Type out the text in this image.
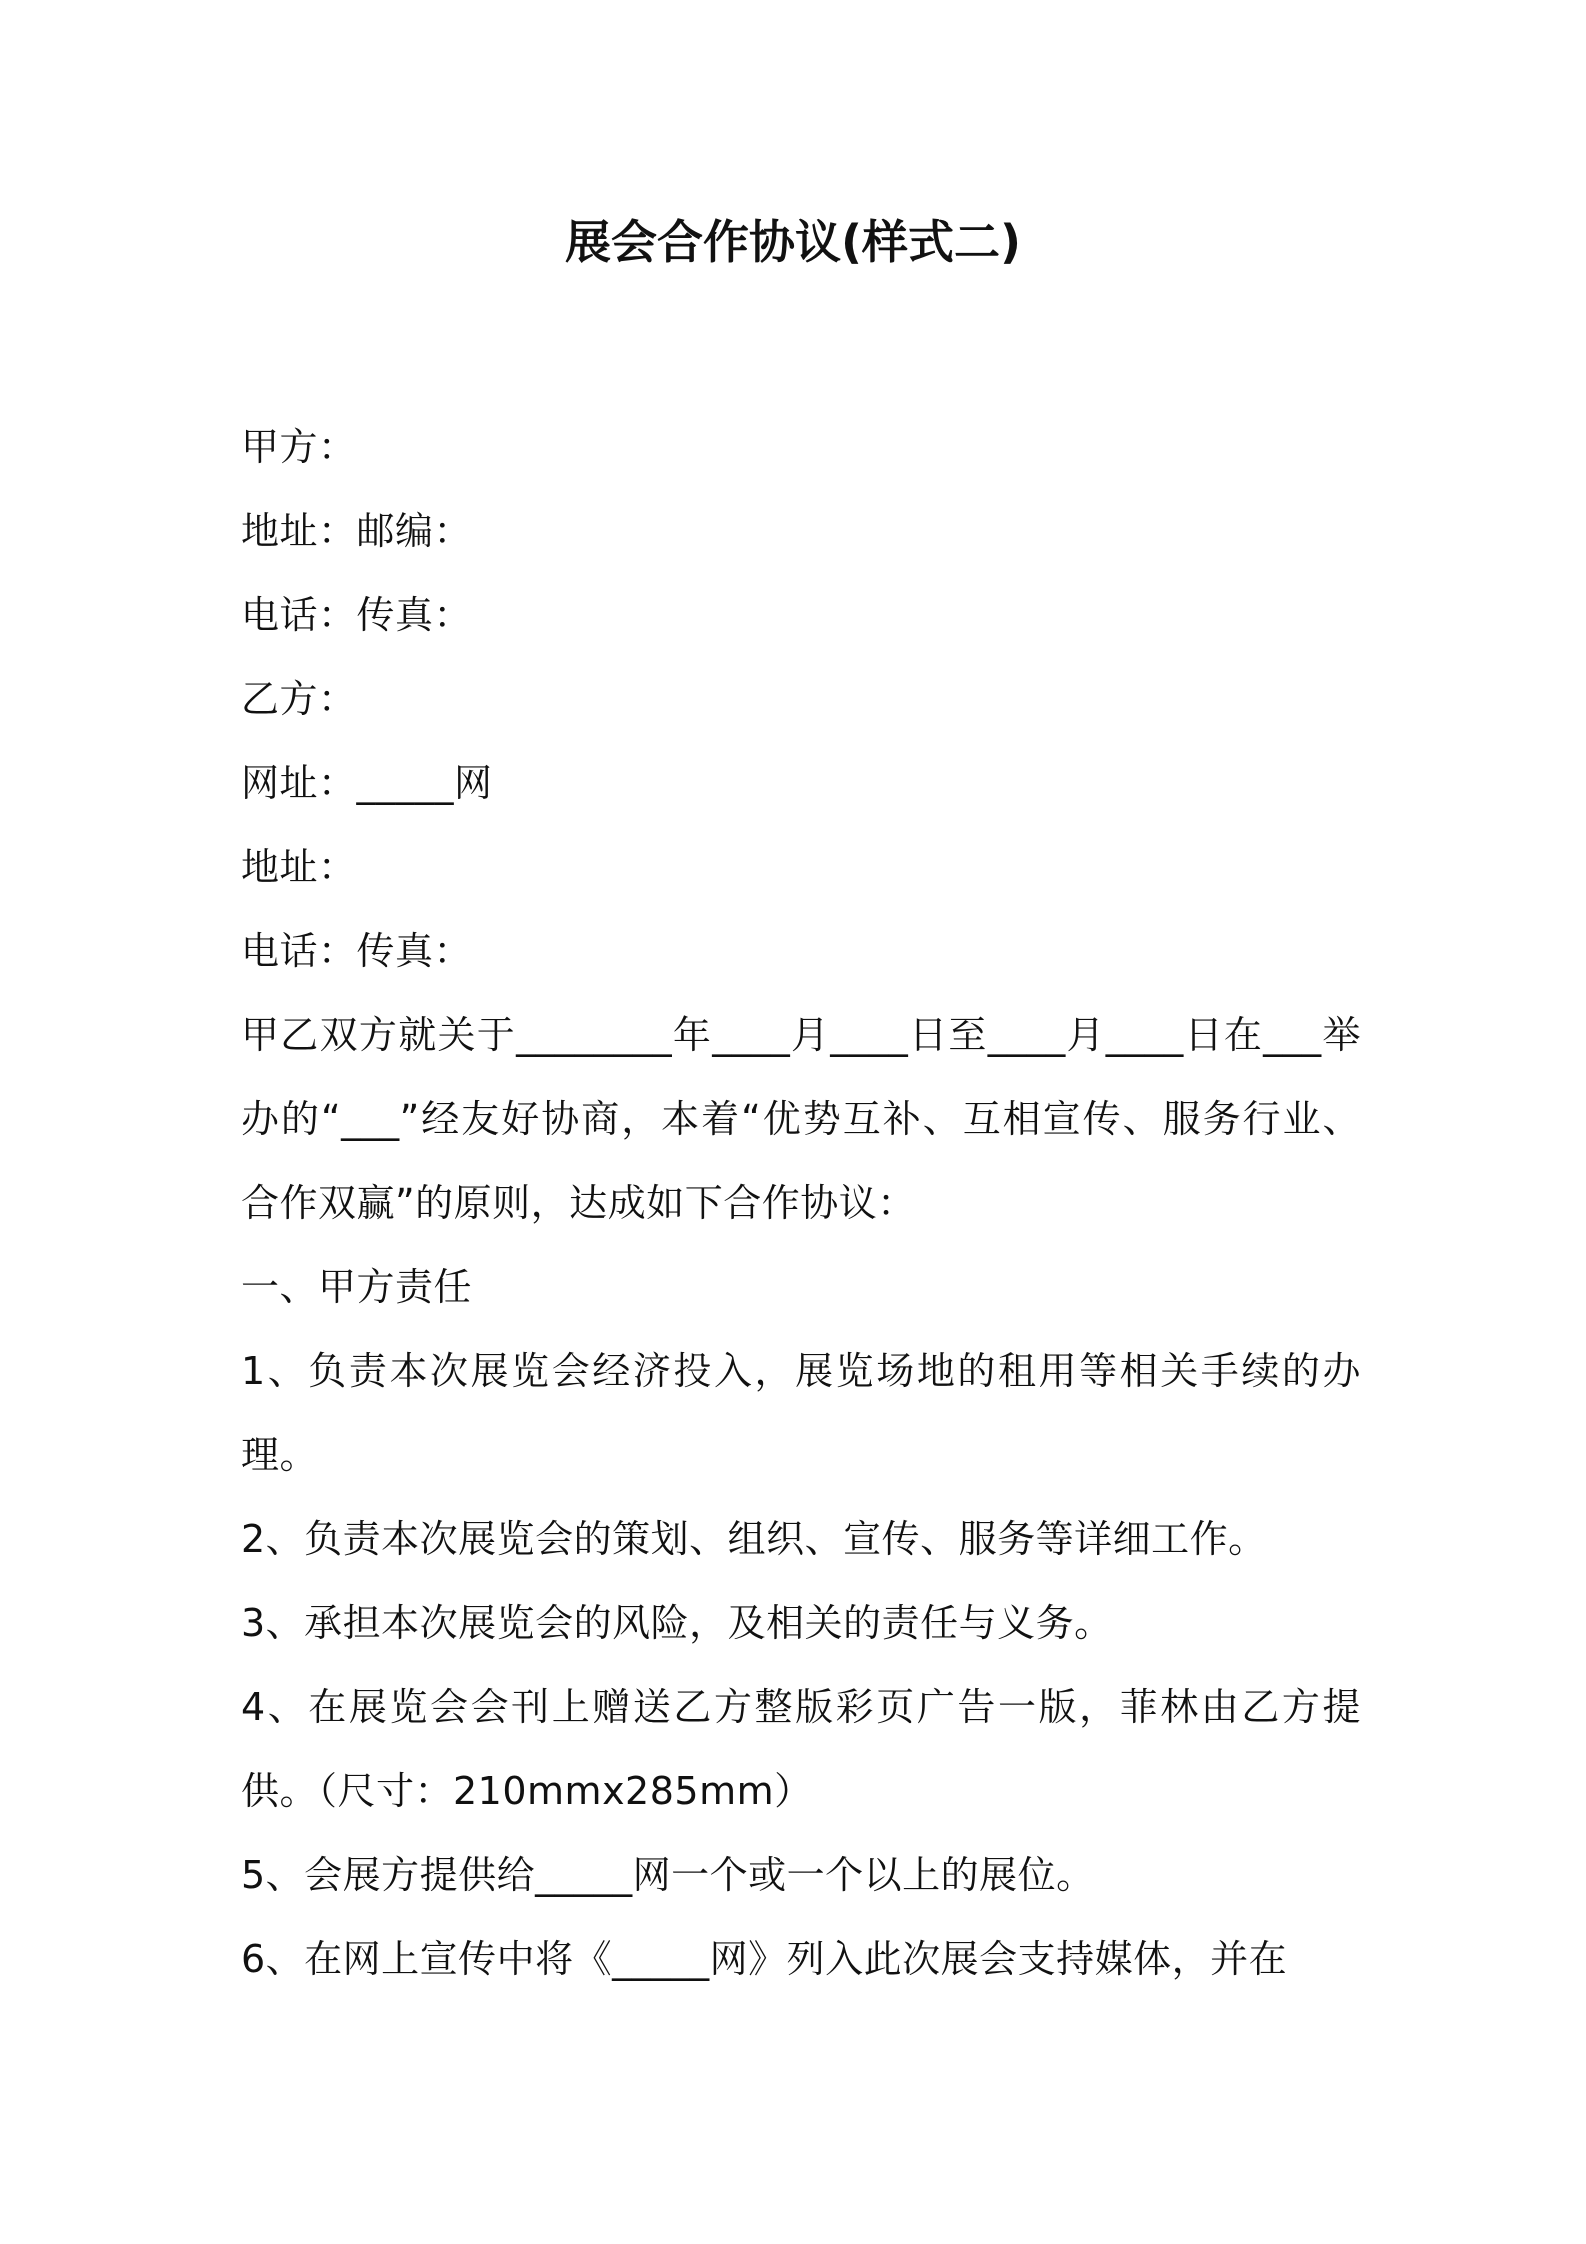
展会合作协议(样式二)
甲方：
地址：邮编：
电话：传真：
乙方：
网址：_____网
地址：
电话：传真：
甲乙双方就关于________年____月____日至____月____日在___举办的“___”经友好协商，本着“优势互补、互相宣传、服务行业、合作双赢”的原则，达成如下合作协议：
一、甲方责任
1、负责本次展览会经济投入，展览场地的租用等相关手续的办理。
2、负责本次展览会的策划、组织、宣传、服务等详细工作。
3、承担本次展览会的风险，及相关的责任与义务。
4、在展览会会刊上赠送乙方整版彩页广告一版，菲林由乙方提供。（尺寸：210mmx285mm）
5、会展方提供给_____网一个或一个以上的展位。
6、在网上宣传中将《_____网》列入此次展会支持媒体，并在
